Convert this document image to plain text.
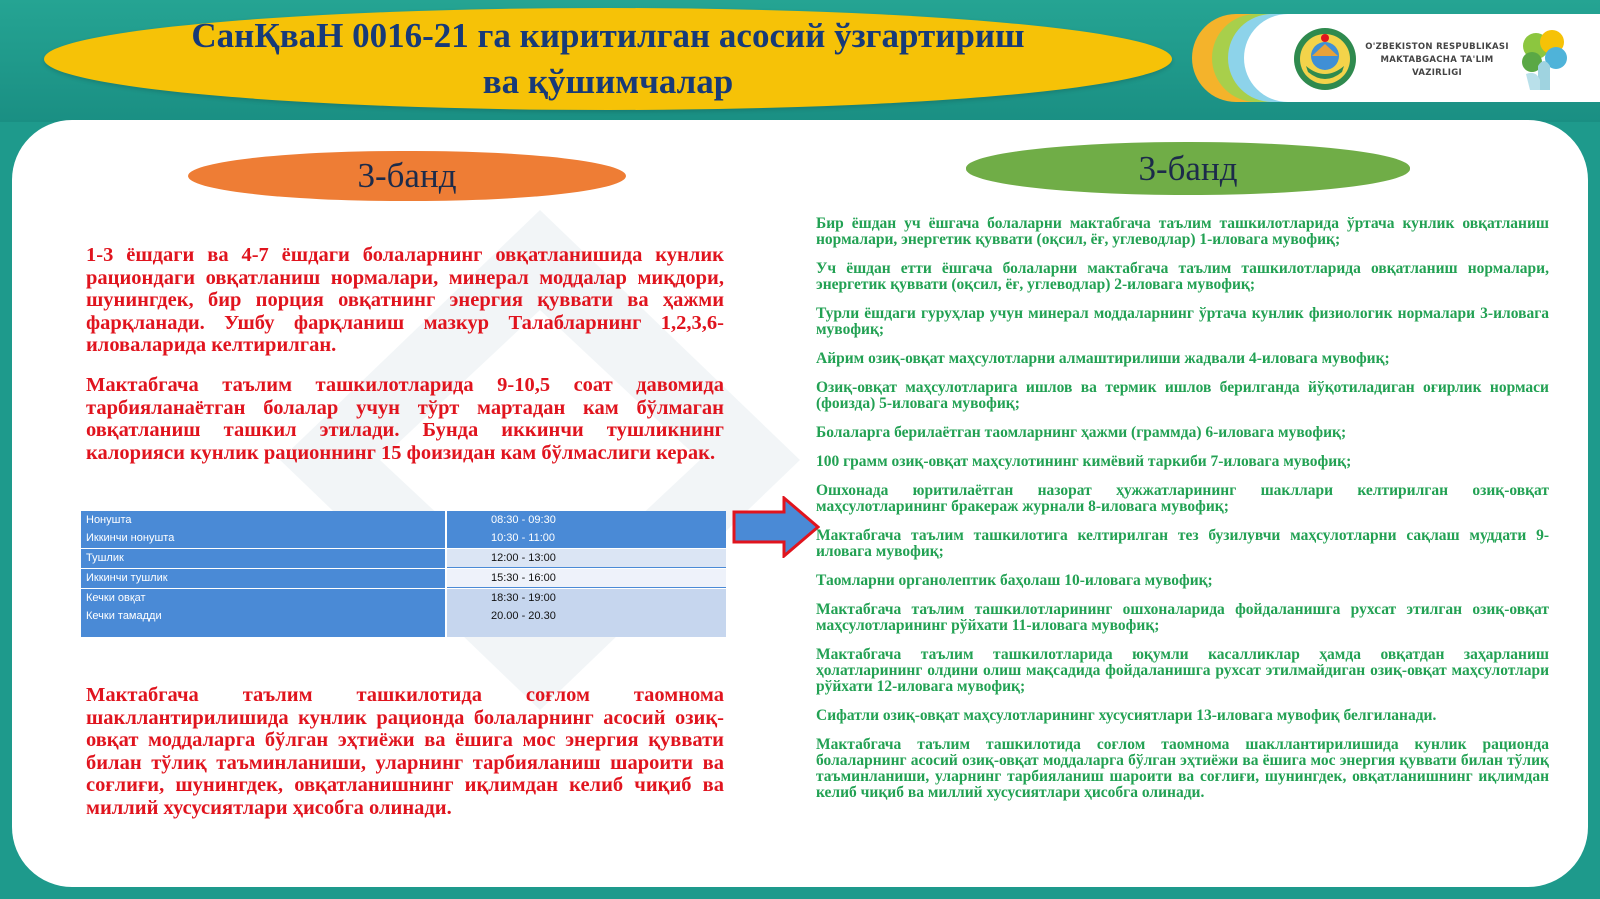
СанҚваН 0016-21 га киритилган асосий ўзгартириш
ва қўшимчалар
O'ZBEKISTON RESPUBLIKASI
MAKTABGACHA TA'LIM
VAZIRLIGI
3-банд	3-банд
1-3 ёшдаги ва 4-7 ёшдаги болаларнинг овқатланишида кунлик рациондаги овқатланиш нормалари, минерал моддалар миқдори, шунингдек, бир порция овқатнинг энергия қуввати ва ҳажми фарқланади. Ушбу фарқланиш мазкур Талабларнинг 1,2,3,6-иловаларида келтирилган.
Мактабгача таълим ташкилотларида 9-10,5 соат давомида тарбияланаётган болалар учун тўрт мартадан кам бўлмаган овқатланиш ташкил этилади. Бунда иккинчи тушликнинг калорияси кунлик рационнинг 15 фоизидан кам бўлмаслиги керак.
08:30 - 09:30
Нонушта
10:30 - 11:00
Иккинчи нонушта
12:00 - 13:00
Тушлик
15:30 - 16:00
Иккинчи тушлик
18:30 - 19:00
Кечки овқат
20.00 - 20.30
Кечки тамадди
Мактабгача таълим ташкилотида соғлом таомнома шакллантирилишида кунлик рационда болаларнинг асосий озиқ-овқат моддаларга бўлган эҳтиёжи ва ёшига мос энергия қуввати билан тўлиқ таъминланиши, уларнинг тарбияланиш шароити ва соғлиғи, шунингдек, овқатланишнинг иқлимдан келиб чиқиб ва миллий хусусиятлари ҳисобга олинади.

Бир ёшдан уч ёшгача болаларни мактабгача таълим ташкилотларида ўртача кунлик овқатланиш нормалари, энергетик қуввати (оқсил, ёғ, углеводлар) 1-иловага мувофиқ;

Уч ёшдан етти ёшгача болаларни мактабгача таълим ташкилотларида овқатланиш нормалари, энергетик қуввати (оқсил, ёғ, углеводлар) 2-иловага мувофиқ;

Турли ёшдаги гуруҳлар учун минерал моддаларнинг ўртача кунлик физиологик нормалари 3-иловага мувофиқ;

Айрим озиқ-овқат маҳсулотларни алмаштирилиши жадвали 4-иловага мувофиқ;

Озиқ-овқат маҳсулотларига ишлов ва термик ишлов берилганда йўқотиладиган оғирлик нормаси (фоизда) 5-иловага мувофиқ;

Болаларга берилаётган таомларнинг ҳажми (граммда) 6-иловага мувофиқ;

100 грамм озиқ-овқат маҳсулотининг кимёвий таркиби 7-иловага мувофиқ;

Ошхонада юритилаётган назорат ҳужжатларининг шакллари келтирилган озиқ-овқат маҳсулотларининг бракераж журнали 8-иловага мувофиқ;

Мактабгача таълим ташкилотига келтирилган тез бузилувчи маҳсулотларни сақлаш муддати 9-иловага мувофиқ;

Таомларни органолептик баҳолаш 10-иловага мувофиқ;

Мактабгача таълим ташкилотларининг ошхоналарида фойдаланишга рухсат этилган озиқ-овқат маҳсулотларининг рўйхати 11-иловага мувофиқ;

Мактабгача таълим ташкилотларида юқумли касалликлар ҳамда овқатдан заҳарланиш ҳолатларининг олдини олиш мақсадида фойдаланишга рухсат этилмайдиган озиқ-овқат маҳсулотлари рўйхати 12-иловага мувофиқ;

Сифатли озиқ-овқат маҳсулотларининг хусусиятлари 13-иловага мувофиқ белгиланади.

Мактабгача таълим ташкилотида соғлом таомнома шакллантирилишида кунлик рационда болаларнинг асосий озиқ-овқат моддаларга бўлган эҳтиёжи ва ёшига мос энергия қуввати билан тўлиқ таъминланиши, уларнинг тарбияланиш шароити ва соғлиғи, шунингдек, овқатланишнинг иқлимдан келиб чиқиб ва миллий хусусиятлари ҳисобга олинади.
